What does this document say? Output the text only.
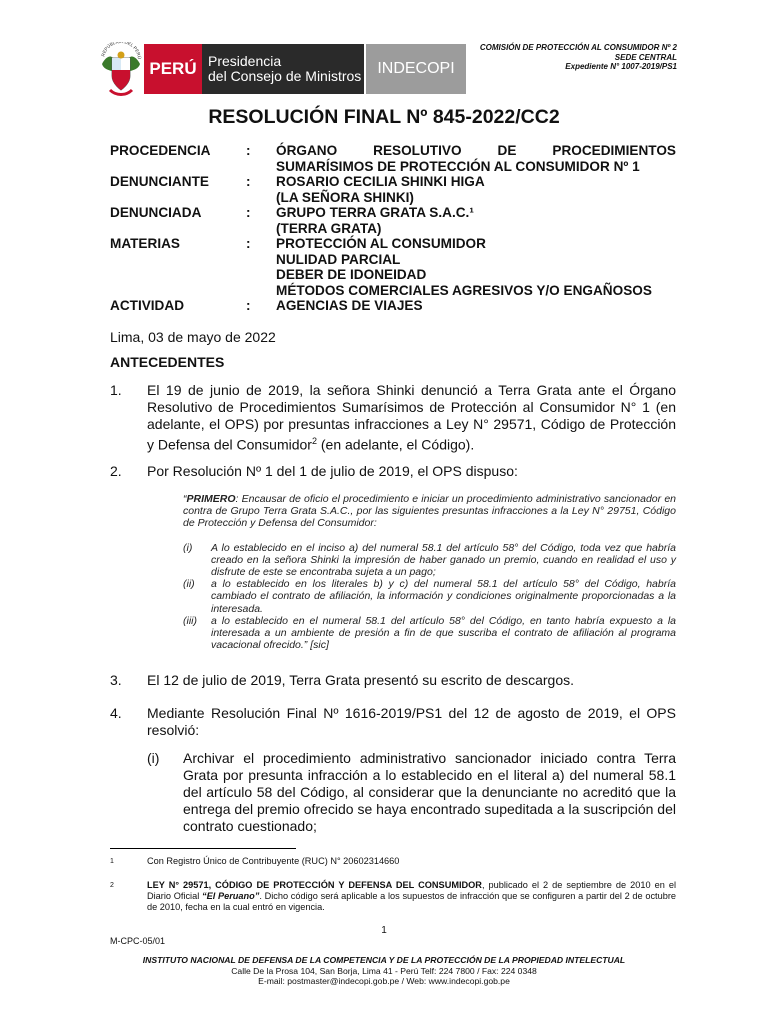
REPÚBLI DEL PERÚ
PERÚ Presidencia
del Consejo de Ministros	INDECOPI
COMISIÓN DE PROTECCIÓN AL CONSUMIDOR Nº 2
SEDE CENTRAL
Expediente N° 1007-2019/PS1
RESOLUCIÓN FINAL Nº 845-2022/CC2
PROCEDENCIA	:	ÓRGANO RESOLUTIVO DE PROCEDIMIENTOS
SUMARÍSIMOS DE PROTECCIÓN AL CONSUMIDOR Nº 1
DENUNCIANTE	:	ROSARIO CECILIA SHINKI HIGA
(LA SEÑORA SHINKI)
DENUNCIADA	:	GRUPO TERRA GRATA S.A.C.¹
(TERRA GRATA)
MATERIAS	:	PROTECCIÓN AL CONSUMIDOR
NULIDAD PARCIAL
DEBER DE IDONEIDAD
MÉTODOS COMERCIALES AGRESIVOS Y/O ENGAÑOSOS
ACTIVIDAD	:	AGENCIAS DE VIAJES
Lima, 03 de mayo de 2022
ANTECEDENTES
1. El 19 de junio de 2019, la señora Shinki denunció a Terra Grata ante el Órgano Resolutivo de Procedimientos Sumarísimos de Protección al Consumidor N° 1 (en adelante, el OPS) por presuntas infracciones a Ley N° 29571, Código de Protección y Defensa del Consumidor$^2$ (en adelante, el Código).
2. Por Resolución Nº 1 del 1 de julio de 2019, el OPS dispuso:
“PRIMERO: Encausar de oficio el procedimiento e iniciar un procedimiento administrativo sancionador en contra de Grupo Terra Grata S.A.C., por las siguientes presuntas infracciones a la Ley N° 29751, Código de Protección y Defensa del Consumidor:
(i)	A lo establecido en el inciso a) del numeral 58.1 del artículo 58° del Código, toda vez que habría creado en la señora Shinki la impresión de haber ganado un premio, cuando en realidad el uso y disfrute de este se encontraba sujeta a un pago;
(ii)	a lo establecido en los literales b) y c) del numeral 58.1 del artículo 58° del Código, habría cambiado el contrato de afiliación, la información y condiciones originalmente proporcionadas a la interesada.
(iii)	a lo establecido en el numeral 58.1 del artículo 58° del Código, en tanto habría expuesto a la interesada a un ambiente de presión a fin de que suscriba el contrato de afiliación al programa vacacional ofrecido.” [sic]
3. El 12 de julio de 2019, Terra Grata presentó su escrito de descargos.
4. Mediante Resolución Final Nº 1616-2019/PS1 del 12 de agosto de 2019, el OPS resolvió:
(i) Archivar el procedimiento administrativo sancionador iniciado contra Terra Grata por presunta infracción a lo establecido en el literal a) del numeral 58.1 del artículo 58 del Código, al considerar que la denunciante no acreditó que la entrega del premio ofrecido se haya encontrado supeditada a la suscripción del contrato cuestionado;
1	Con Registro Único de Contribuyente (RUC) N° 20602314660
2	LEY N° 29571, CÓDIGO DE PROTECCIÓN Y DEFENSA DEL CONSUMIDOR, publicado el 2 de septiembre de 2010 en el Diario Oficial “El Peruano”. Dicho código será aplicable a los supuestos de infracción que se configuren a partir del 2 de octubre de 2010, fecha en la cual entró en vigencia.
1
M-CPC-05/01
INSTITUTO NACIONAL DE DEFENSA DE LA COMPETENCIA Y DE LA PROTECCIÓN DE LA PROPIEDAD INTELECTUAL
Calle De la Prosa 104, San Borja, Lima 41 - Perú Telf: 224 7800 / Fax: 224 0348
E-mail: postmaster@indecopi.gob.pe / Web: www.indecopi.gob.pe
